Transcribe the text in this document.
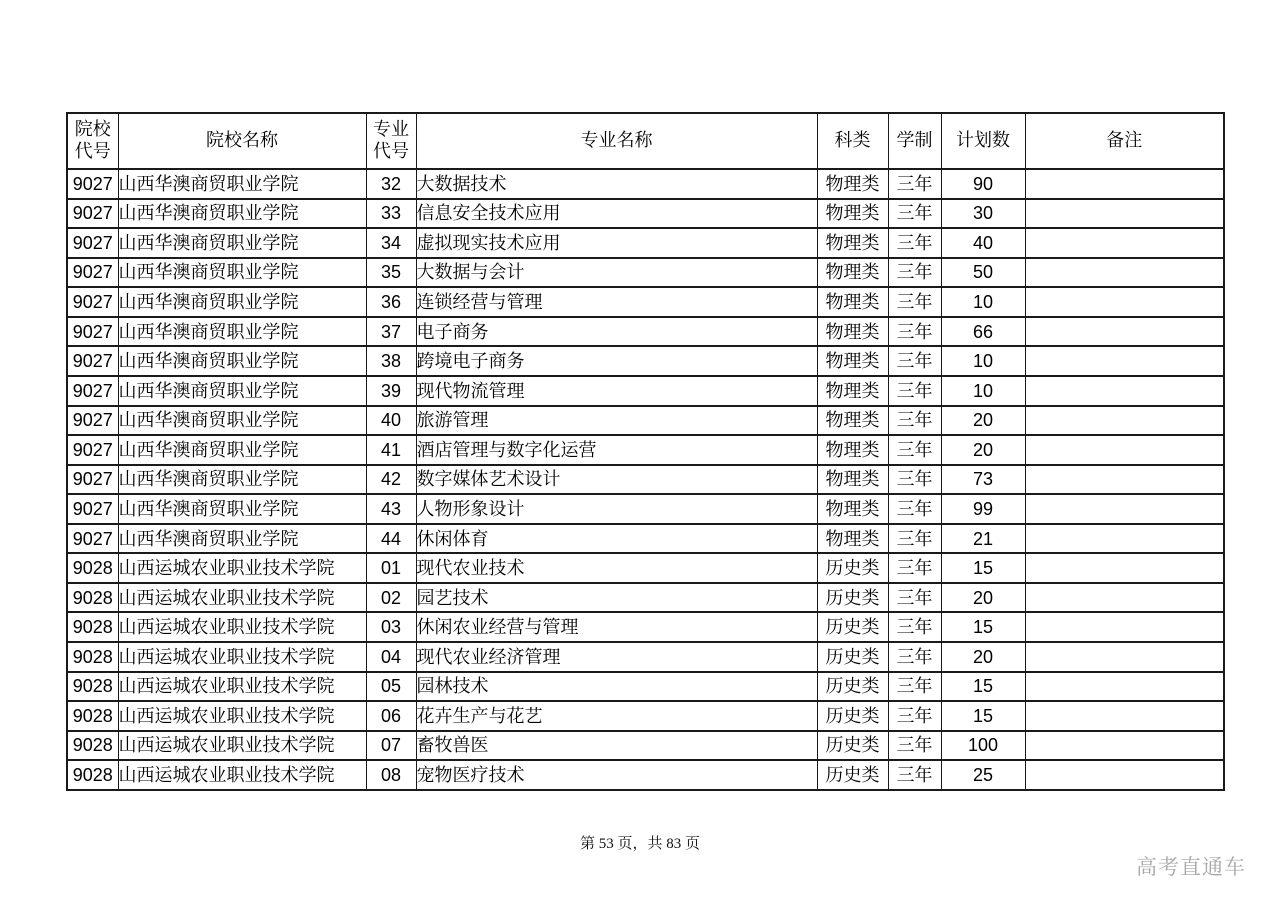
院校代号	院校名称	专业代号	专业名称	科类	学制	计划数	备注
9027	山西华澳商贸职业学院	32	大数据技术	物理类	三年	90	
9027	山西华澳商贸职业学院	33	信息安全技术应用	物理类	三年	30	
9027	山西华澳商贸职业学院	34	虚拟现实技术应用	物理类	三年	40	
9027	山西华澳商贸职业学院	35	大数据与会计	物理类	三年	50	
9027	山西华澳商贸职业学院	36	连锁经营与管理	物理类	三年	10	
9027	山西华澳商贸职业学院	37	电子商务	物理类	三年	66	
9027	山西华澳商贸职业学院	38	跨境电子商务	物理类	三年	10	
9027	山西华澳商贸职业学院	39	现代物流管理	物理类	三年	10	
9027	山西华澳商贸职业学院	40	旅游管理	物理类	三年	20	
9027	山西华澳商贸职业学院	41	酒店管理与数字化运营	物理类	三年	20	
9027	山西华澳商贸职业学院	42	数字媒体艺术设计	物理类	三年	73	
9027	山西华澳商贸职业学院	43	人物形象设计	物理类	三年	99	
9027	山西华澳商贸职业学院	44	休闲体育	物理类	三年	21	
9028	山西运城农业职业技术学院	01	现代农业技术	历史类	三年	15	
9028	山西运城农业职业技术学院	02	园艺技术	历史类	三年	20	
9028	山西运城农业职业技术学院	03	休闲农业经营与管理	历史类	三年	15	
9028	山西运城农业职业技术学院	04	现代农业经济管理	历史类	三年	20	
9028	山西运城农业职业技术学院	05	园林技术	历史类	三年	15	
9028	山西运城农业职业技术学院	06	花卉生产与花艺	历史类	三年	15	
9028	山西运城农业职业技术学院	07	畜牧兽医	历史类	三年	100	
9028	山西运城农业职业技术学院	08	宠物医疗技术	历史类	三年	25	
第 53 页，共 83 页
高考直通车
